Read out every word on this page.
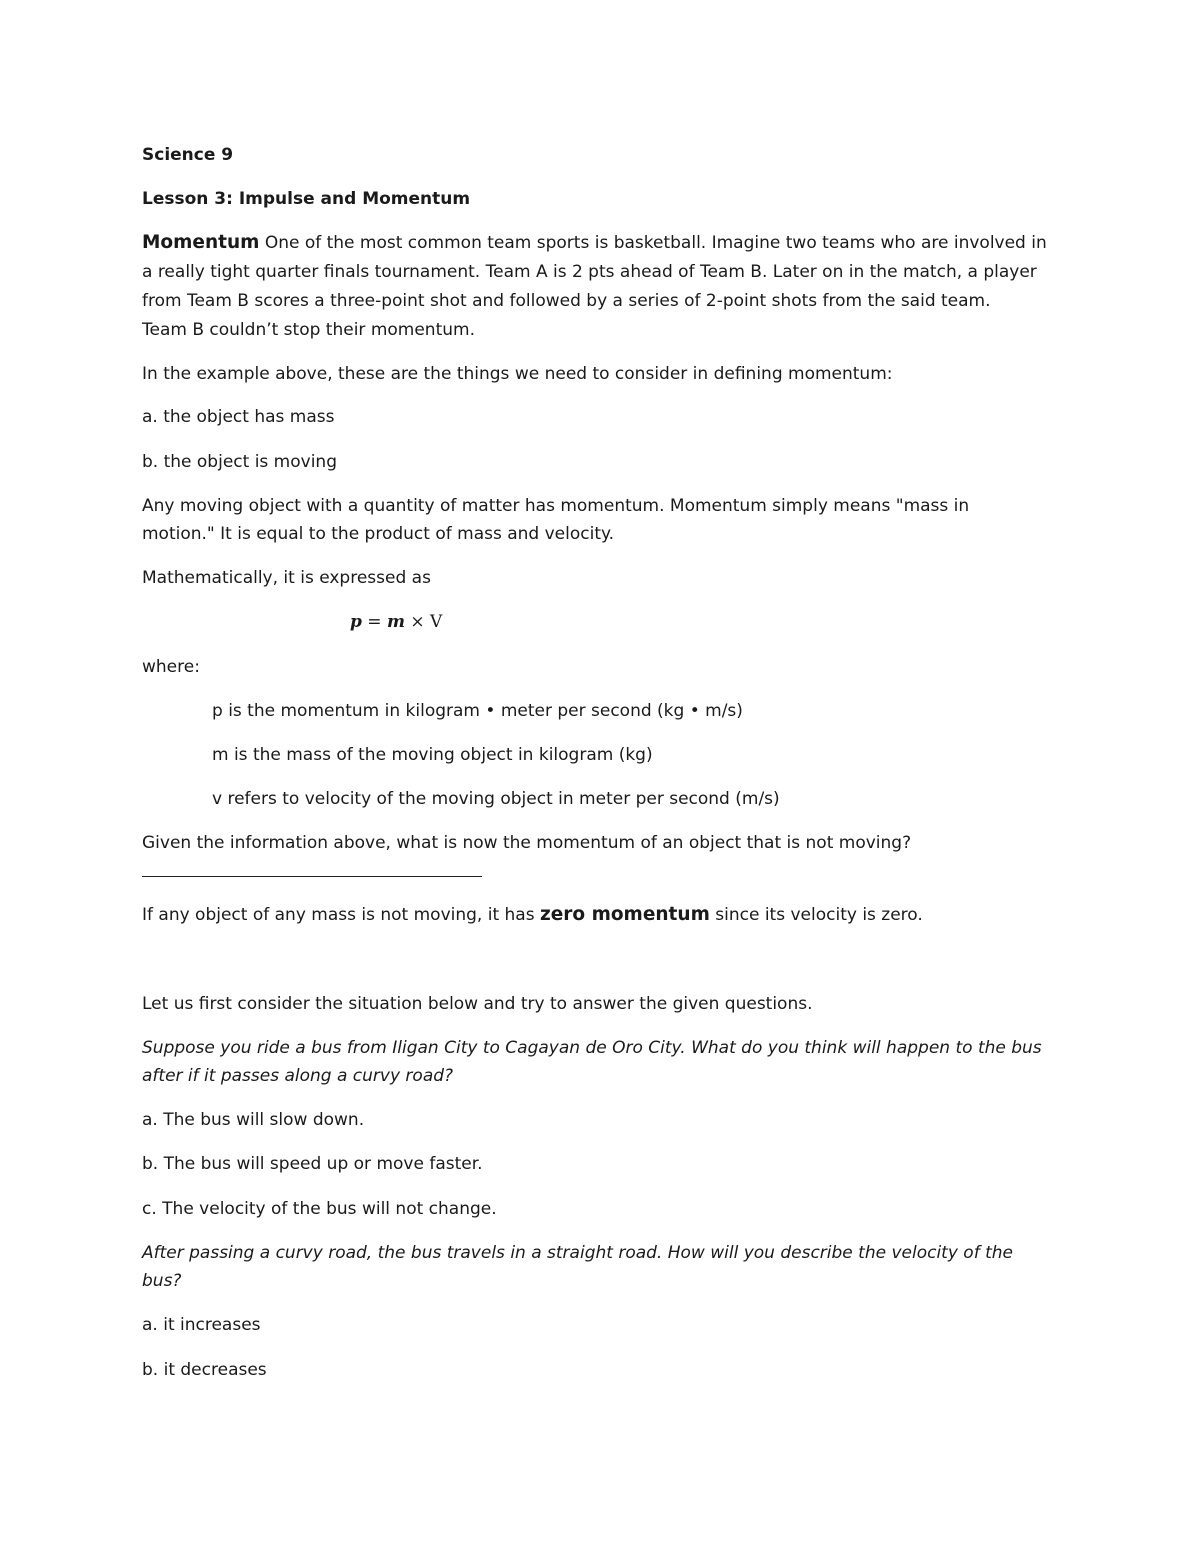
Science 9
Lesson 3: Impulse and Momentum
Momentum One of the most common team sports is basketball. Imagine two teams who are involved in
a really tight quarter finals tournament. Team A is 2 pts ahead of Team B. Later on in the match, a player
from Team B scores a three-point shot and followed by a series of 2-point shots from the said team.
Team B couldn’t stop their momentum.
In the example above, these are the things we need to consider in defining momentum:
a. the object has mass
b. the object is moving
Any moving object with a quantity of matter has momentum. Momentum simply means "mass in
motion." It is equal to the product of mass and velocity.
Mathematically, it is expressed as
p = m × V
where:
p is the momentum in kilogram • meter per second (kg • m/s)
m is the mass of the moving object in kilogram (kg)
v refers to velocity of the moving object in meter per second (m/s)
Given the information above, what is now the momentum of an object that is not moving?
If any object of any mass is not moving, it has zero momentum since its velocity is zero.
Let us first consider the situation below and try to answer the given questions.
Suppose you ride a bus from Iligan City to Cagayan de Oro City. What do you think will happen to the bus
after if it passes along a curvy road?
a. The bus will slow down.
b. The bus will speed up or move faster.
c. The velocity of the bus will not change.
After passing a curvy road, the bus travels in a straight road. How will you describe the velocity of the
bus?
a. it increases
b. it decreases
